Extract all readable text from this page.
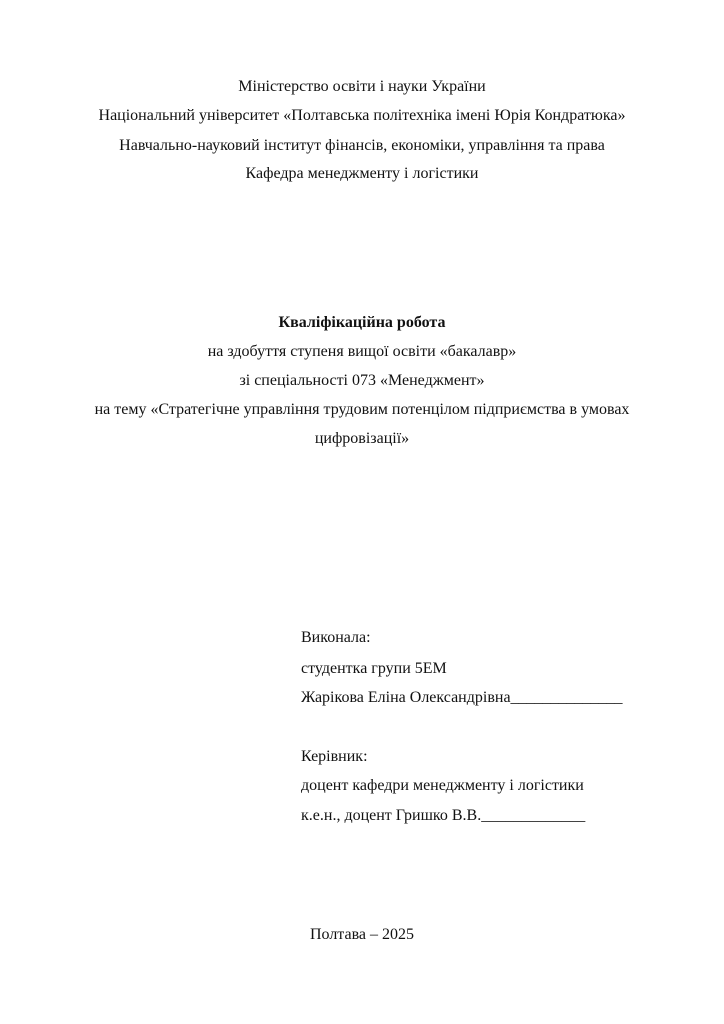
Міністерство освіти і науки України
Національний університет «Полтавська політехніка імені Юрія Кондратюка»
Навчально-науковий інститут фінансів, економіки, управління та права
Кафедра менеджменту і логістики
Кваліфікаційна робота
на здобуття ступеня вищої освіти «бакалавр»
зі спеціальності 073 «Менеджмент»
на тему «Стратегічне управління трудовим потенцілом підприємства в умовах
цифровізації»
Виконала:
студентка групи 5ЕМ
Жарікова Еліна Олександрівна______________
Керівник:
доцент кафедри менеджменту і логістики
к.е.н., доцент Гришко В.В._____________
Полтава – 2025
